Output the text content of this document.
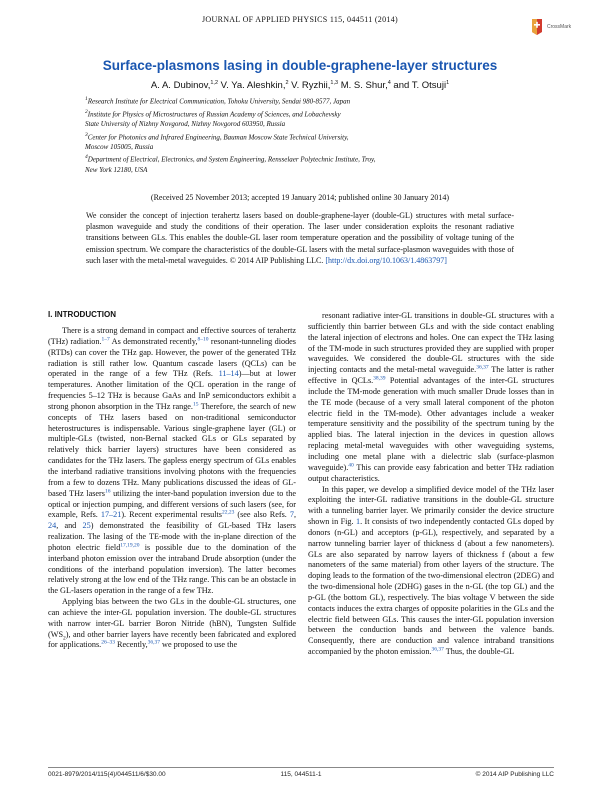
JOURNAL OF APPLIED PHYSICS 115, 044511 (2014)
CrossMark
Surface-plasmons lasing in double-graphene-layer structures
A. A. Dubinov,$^{1,2}$ V. Ya. Aleshkin,$^2$ V. Ryzhii,$^{1,3}$ M. S. Shur,$^4$ and T. Otsuji$^1$
$^1$Research Institute for Electrical Communication, Tohoku University, Sendai 980-8577, Japan
$^2$Institute for Physics of Microstructures of Russian Academy of Sciences, and Lobachevsky
State University of Nizhny Novgorod, Nizhny Novgorod 603950, Russia
$^3$Center for Photonics and Infrared Engineering, Bauman Moscow State Technical University,
Moscow 105005, Russia
$^4$Department of Electrical, Electronics, and System Engineering, Rensselaer Polytechnic Institute, Troy,
New York 12180, USA
(Received 25 November 2013; accepted 19 January 2014; published online 30 January 2014)
We consider the concept of injection terahertz lasers based on double-graphene-layer (double-GL) structures with metal surface-plasmon waveguide and study the conditions of their operation. The laser under consideration exploits the resonant radiative transitions between GLs. This enables the double-GL laser room temperature operation and the possibility of voltage tuning of the emission spectrum. We compare the characteristics of the double-GL lasers with the metal surface-plasmon waveguides with those of such laser with the metal-metal waveguides. © 2014 AIP Publishing LLC. [http://dx.doi.org/10.1063/1.4863797]
I. INTRODUCTION

There is a strong demand in compact and effective sources of terahertz (THz) radiation.$^{1-7}$ As demonstrated recently,$^{8-10}$ resonant-tunneling diodes (RTDs) can cover the THz gap. However, the power of the generated THz radiation is still rather low. Quantum cascade lasers (QCLs) can be operated in the range of a few THz (Refs. 11–14)—but at lower temperatures. Another limitation of the QCL operation in the range of frequencies 5–12 THz is because GaAs and InP semiconductors exhibit a strong phonon absorption in the THz range.$^{15}$ Therefore, the search of new concepts of THz lasers based on non-traditional semiconductor heterostructures is indispensable. Various single-graphene layer (GL) or multiple-GLs (twisted, non-Bernal stacked GLs or GLs separated by relatively thick barrier layers) structures have been considered as candidates for the THz lasers. The gapless energy spectrum of GLs enables the interband radiative transitions involving photons with the frequencies from a few to dozens THz. Many publications discussed the ideas of GL-based THz lasers$^{16}$ utilizing the inter-band population inversion due to the optical or injection pumping, and different versions of such lasers (see, for example, Refs. 17–21). Recent experimental results$^{22,23}$ (see also Refs. 7, 24, and 25) demonstrated the feasibility of GL-based THz lasers realization. The lasing of the TE-mode with the in-plane direction of the photon electric field$^{17,19,20}$ is possible due to the domination of the interband photon emission over the intraband Drude absorption (under the conditions of the interband population inversion). The latter becomes relatively strong at the low end of the THz range. This can be an obstacle in the GL-lasers operation in the range of a few THz.

Applying bias between the two GLs in the double-GL structures, one can achieve the inter-GL population inversion. The double-GL structures with narrow inter-GL barrier Boron Nitride (hBN), Tungsten Sulfide $(WS_2)$, and other barrier layers have recently been fabricated and explored for applications.$^{26-33}$ Recently,$^{36,37}$ we proposed to use the

resonant radiative inter-GL transitions in double-GL structures with a sufficiently thin barrier between GLs and with the side contact enabling the lateral injection of electrons and holes. One can expect the THz lasing of the TM-mode in such structures provided they are supplied with proper waveguides. We considered the double-GL structures with the side injecting contacts and the metal-metal waveguide.$^{36,37}$ The latter is rather effective in QCLs.$^{38,39}$ Potential advantages of the inter-GL structures include the TM-mode generation with much smaller Drude losses than in the TE mode (because of a very small lateral component of the photon electric field in the TM-mode). Other advantages include a weaker temperature sensitivity and the possibility of the spectrum tuning by the applied bias. The lateral injection in the devices in question allows replacing metal-metal waveguides with other waveguiding systems, including one metal plane with a dielectric slab (surface-plasmon waveguide).$^{40}$ This can provide easy fabrication and better THz radiation output characteristics.

In this paper, we develop a simplified device model of the THz laser exploiting the inter-GL radiative transitions in the double-GL structure with a tunneling barrier layer. We primarily consider the device structure shown in Fig. 1. It consists of two independently contacted GLs doped by donors (n-GL) and acceptors (p-GL), respectively, and separated by a narrow tunneling barrier layer of thickness d (about a few nanometers). GLs are also separated by narrow layers of thickness f (about a few nanometers of the same material) from other layers of the structure. The doping leads to the formation of the two-dimensional electron (2DEG) and the two-dimensional hole (2DHG) gases in the n-GL (the top GL) and the p-GL (the bottom GL), respectively. The bias voltage V between the side contacts induces the extra charges of opposite polarities in the GLs and the electric field between GLs. This causes the inter-GL population inversion between the conduction bands and between the valence bands. Consequently, there are conduction and valence intraband transitions accompanied by the photon emission.$^{36,37}$ Thus, the double-GL

0021-8979/2014/115(4)/044511/6/$30.00	115, 044511-1	© 2014 AIP Publishing LLC
